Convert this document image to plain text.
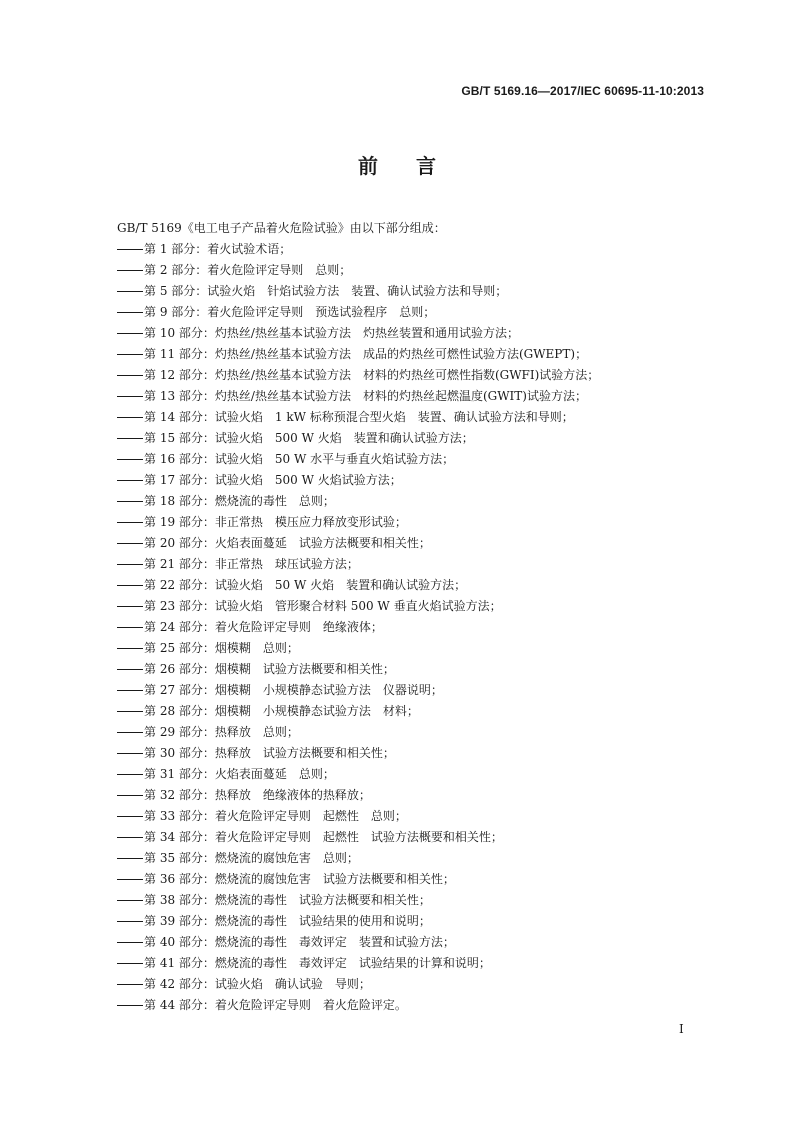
GB/T 5169.16—2017/IEC 60695-11-10:2013
前言
GB/T 5169《电工电子产品着火危险试验》由以下部分组成：
第 1 部分：着火试验术语；
第 2 部分：着火危险评定导则　总则；
第 5 部分：试验火焰　针焰试验方法　装置、确认试验方法和导则；
第 9 部分：着火危险评定导则　预选试验程序　总则；
第 10 部分：灼热丝/热丝基本试验方法　灼热丝装置和通用试验方法；
第 11 部分：灼热丝/热丝基本试验方法　成品的灼热丝可燃性试验方法(GWEPT)；
第 12 部分：灼热丝/热丝基本试验方法　材料的灼热丝可燃性指数(GWFI)试验方法；
第 13 部分：灼热丝/热丝基本试验方法　材料的灼热丝起燃温度(GWIT)试验方法；
第 14 部分：试验火焰　1 kW 标称预混合型火焰　装置、确认试验方法和导则；
第 15 部分：试验火焰　500 W 火焰　装置和确认试验方法；
第 16 部分：试验火焰　50 W 水平与垂直火焰试验方法；
第 17 部分：试验火焰　500 W 火焰试验方法；
第 18 部分：燃烧流的毒性　总则；
第 19 部分：非正常热　模压应力释放变形试验；
第 20 部分：火焰表面蔓延　试验方法概要和相关性；
第 21 部分：非正常热　球压试验方法；
第 22 部分：试验火焰　50 W 火焰　装置和确认试验方法；
第 23 部分：试验火焰　管形聚合材料 500 W 垂直火焰试验方法；
第 24 部分：着火危险评定导则　绝缘液体；
第 25 部分：烟模糊　总则；
第 26 部分：烟模糊　试验方法概要和相关性；
第 27 部分：烟模糊　小规模静态试验方法　仪器说明；
第 28 部分：烟模糊　小规模静态试验方法　材料；
第 29 部分：热释放　总则；
第 30 部分：热释放　试验方法概要和相关性；
第 31 部分：火焰表面蔓延　总则；
第 32 部分：热释放　绝缘液体的热释放；
第 33 部分：着火危险评定导则　起燃性　总则；
第 34 部分：着火危险评定导则　起燃性　试验方法概要和相关性；
第 35 部分：燃烧流的腐蚀危害　总则；
第 36 部分：燃烧流的腐蚀危害　试验方法概要和相关性；
第 38 部分：燃烧流的毒性　试验方法概要和相关性；
第 39 部分：燃烧流的毒性　试验结果的使用和说明；
第 40 部分：燃烧流的毒性　毒效评定　装置和试验方法；
第 41 部分：燃烧流的毒性　毒效评定　试验结果的计算和说明；
第 42 部分：试验火焰　确认试验　导则；
第 44 部分：着火危险评定导则　着火危险评定。
I
